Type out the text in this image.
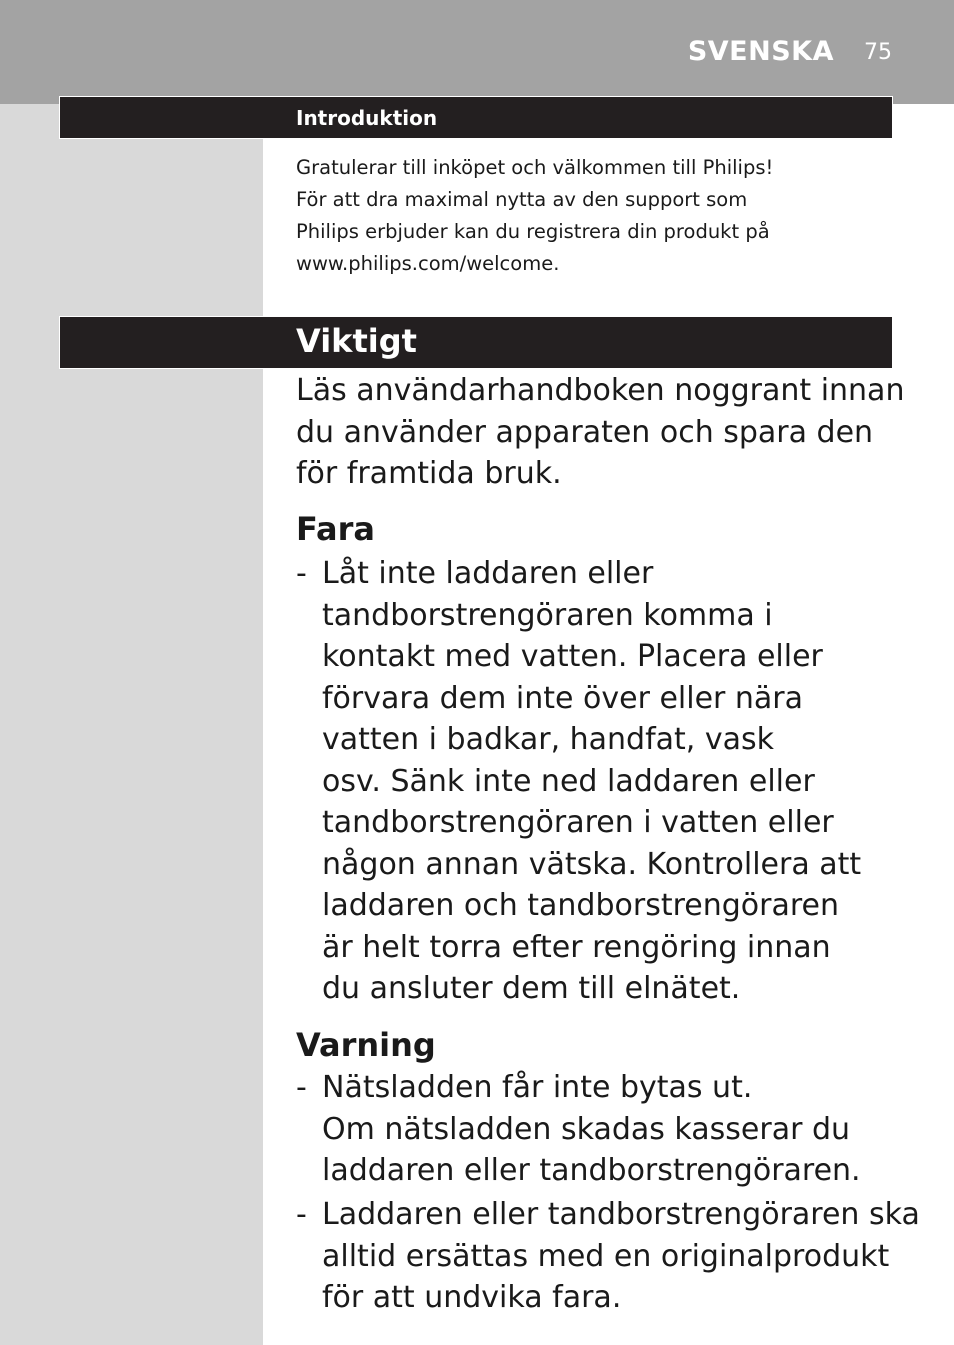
SVENSKA 75
Introduktion
Gratulerar till inköpet och välkommen till Philips!
För att dra maximal nytta av den support som
Philips erbjuder kan du registrera din produkt på
www.philips.com/welcome.
Viktigt
Läs användarhandboken noggrant innan
du använder apparaten och spara den
för framtida bruk.
Fara
- Låt inte laddaren eller
tandborstrengöraren komma i
kontakt med vatten. Placera eller
förvara dem inte över eller nära
vatten i badkar, handfat, vask
osv. Sänk inte ned laddaren eller
tandborstrengöraren i vatten eller
någon annan vätska. Kontrollera att
laddaren och tandborstrengöraren
är helt torra efter rengöring innan
du ansluter dem till elnätet.
Varning
- Nätsladden får inte bytas ut.
Om nätsladden skadas kasserar du
laddaren eller tandborstrengöraren.
- Laddaren eller tandborstrengöraren ska
alltid ersättas med en originalprodukt
för att undvika fara.
